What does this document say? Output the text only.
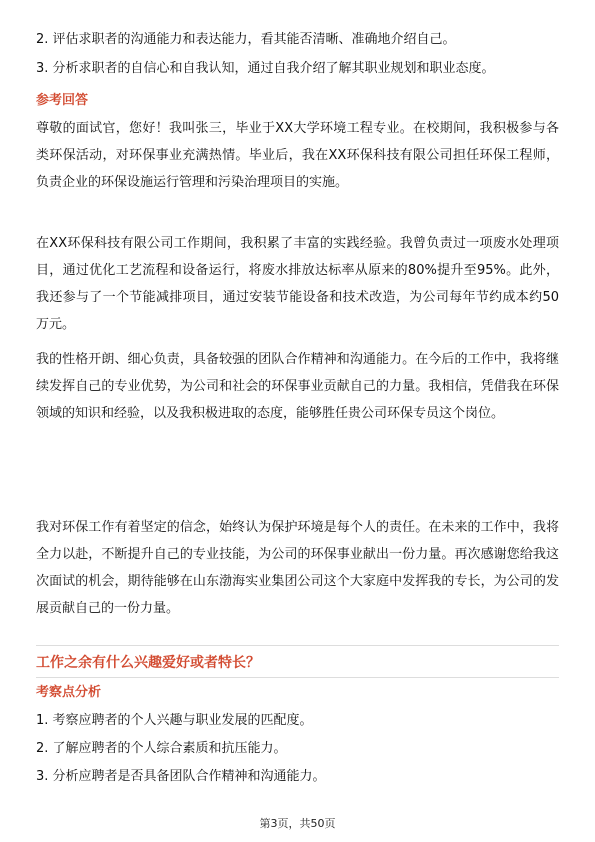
2. 评估求职者的沟通能力和表达能力，看其能否清晰、准确地介绍自己。
3. 分析求职者的自信心和自我认知，通过自我介绍了解其职业规划和职业态度。
参考回答
尊敬的面试官，您好！我叫张三，毕业于XX大学环境工程专业。在校期间，我积极参与各类环保活动，对环保事业充满热情。毕业后，我在XX环保科技有限公司担任环保工程师，负责企业的环保设施运行管理和污染治理项目的实施。
在XX环保科技有限公司工作期间，我积累了丰富的实践经验。我曾负责过一项废水处理项目，通过优化工艺流程和设备运行，将废水排放达标率从原来的80%提升至95%。此外，我还参与了一个节能减排项目，通过安装节能设备和技术改造，为公司每年节约成本约50万元。
我的性格开朗、细心负责，具备较强的团队合作精神和沟通能力。在今后的工作中，我将继续发挥自己的专业优势，为公司和社会的环保事业贡献自己的力量。我相信，凭借我在环保领域的知识和经验，以及我积极进取的态度，能够胜任贵公司环保专员这个岗位。
我对环保工作有着坚定的信念，始终认为保护环境是每个人的责任。在未来的工作中，我将全力以赴，不断提升自己的专业技能，为公司的环保事业献出一份力量。再次感谢您给我这次面试的机会，期待能够在山东渤海实业集团公司这个大家庭中发挥我的专长，为公司的发展贡献自己的一份力量。
工作之余有什么兴趣爱好或者特长？
考察点分析
1. 考察应聘者的个人兴趣与职业发展的匹配度。
2. 了解应聘者的个人综合素质和抗压能力。
3. 分析应聘者是否具备团队合作精神和沟通能力。
第3页，共50页
